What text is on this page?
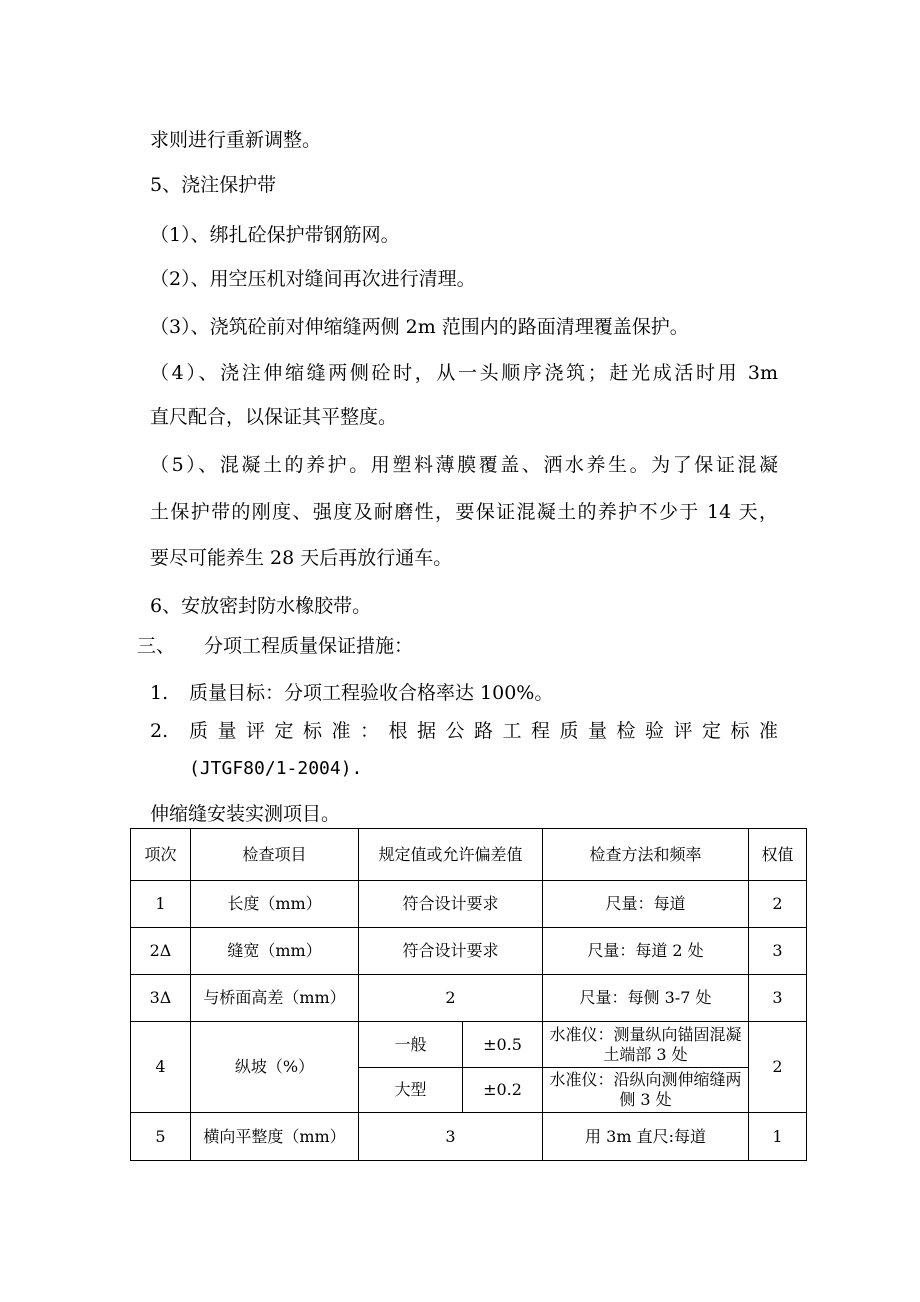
求则进行重新调整。
5、浇注保护带
（1）、绑扎砼保护带钢筋网。
（2）、用空压机对缝间再次进行清理。
（3）、浇筑砼前对伸缩缝两侧 2m 范围内的路面清理覆盖保护。
（4）、浇注伸缩缝两侧砼时，从一头顺序浇筑；赶光成活时用 3m
直尺配合，以保证其平整度。
（5）、混凝土的养护。用塑料薄膜覆盖、洒水养生。为了保证混凝
土保护带的刚度、强度及耐磨性，要保证混凝土的养护不少于 14 天，
要尽可能养生 28 天后再放行通车。
6、安放密封防水橡胶带。
三、 分项工程质量保证措施：
1. 质量目标：分项工程验收合格率达 100%。
2. 质量评定标准：根据公路工程质量检验评定标准
(JTGF80/1-2004).
伸缩缝安装实测项目。
项次	检查项目	规定值或允许偏差值		检查方法和频率	权值
1	长度（mm）	符合设计要求		尺量：每道	2
2Δ	缝宽（mm）	符合设计要求		尺量：每道 2 处	3
3Δ	与桥面高差（mm）	2		尺量：每侧 3-7 处	3
4	纵坡（%）	一般	±0.5	水准仪：测量纵向锚固混凝土端部 3 处	2
		大型	±0.2	水准仪：沿纵向测伸缩缝两侧 3 处	
5	横向平整度（mm）	3		用 3m 直尺:每道	1
